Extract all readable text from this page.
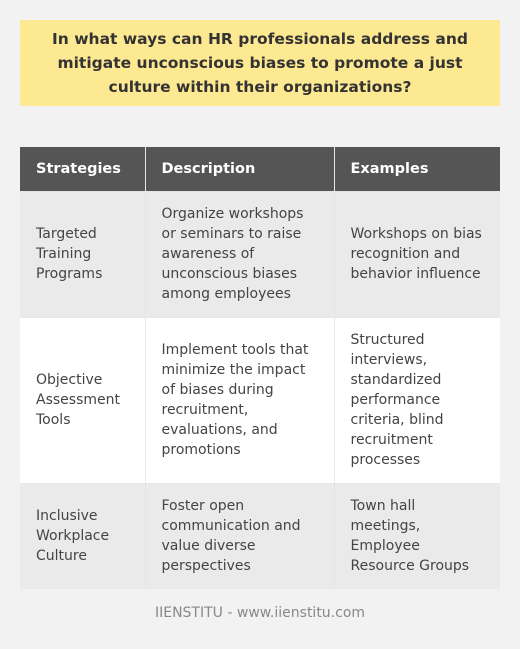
In what ways can HR professionals address and mitigate unconscious biases to promote a just culture within their organizations?
Strategies	Description	Examples
Targeted Training Programs	Organize workshops or seminars to raise awareness of unconscious biases among employees	Workshops on bias recognition and behavior influence
Objective Assessment Tools	Implement tools that minimize the impact of biases during recruitment, evaluations, and promotions	Structured interviews, standardized performance criteria, blind recruitment processes
Inclusive Workplace Culture	Foster open communication and value diverse perspectives	Town hall meetings, Employee Resource Groups
IIENSTITU - www.iienstitu.com
